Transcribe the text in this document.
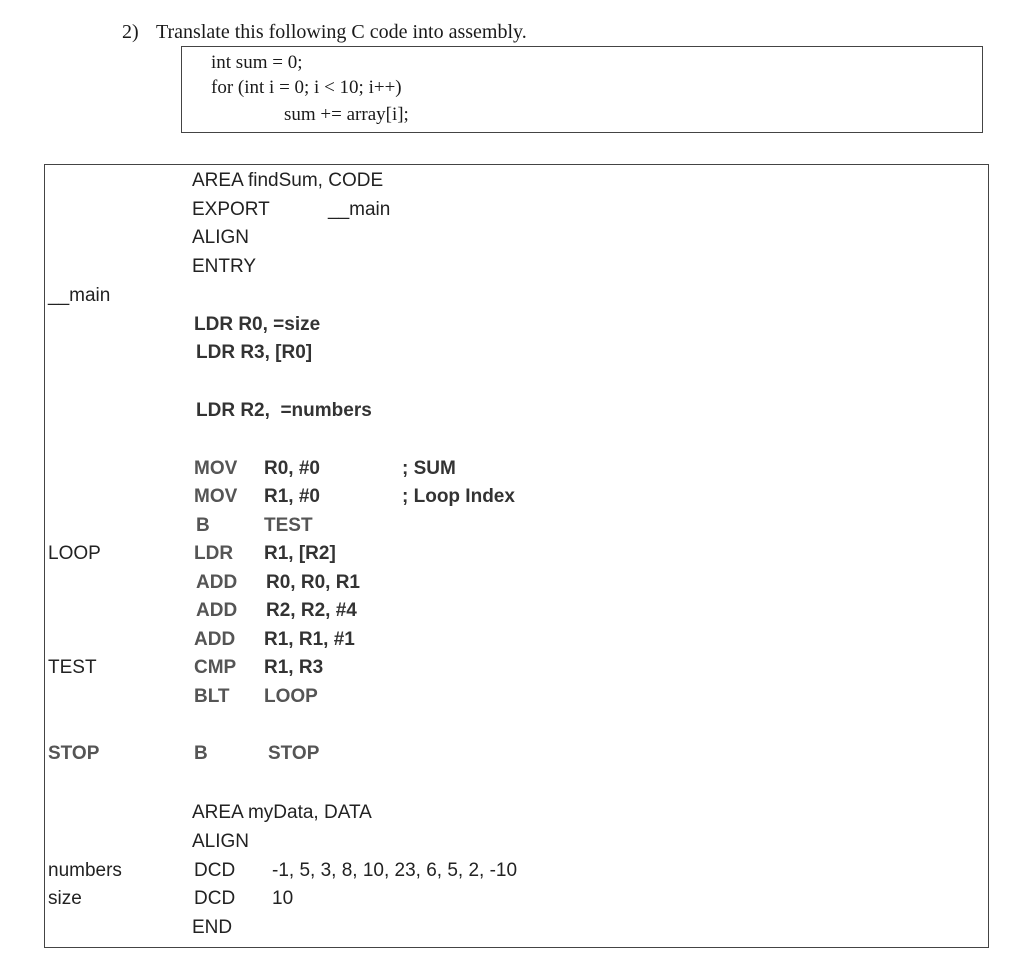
2) Translate this following C code into assembly.
int sum = 0;
for (int i = 0; i < 10; i++)
sum += array[i];
AREA findSum, CODE
EXPORT	__main
ALIGN
ENTRY
__main
LDR R0, =size
LDR R3, [R0]
LDR R2,  =numbers
MOV R0, #0	; SUM
MOV R1, #0	; Loop Index
B	TEST
LOOP	LDR R1, [R2]
ADD R0, R0, R1
ADD R2, R2, #4
ADD R1, R1, #1
TEST	CMP R1, R3
BLT LOOP
STOP	B	STOP
AREA myData, DATA
ALIGN
numbers	DCD -1, 5, 3, 8, 10, 23, 6, 5, 2, -10
size	DCD 10
END
